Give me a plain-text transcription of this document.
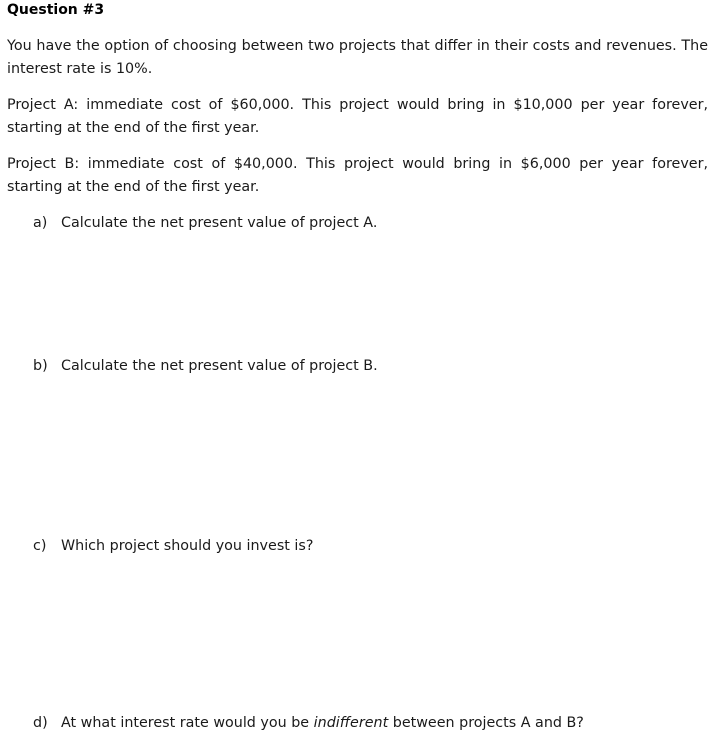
Question #3

You have the option of choosing between two projects that differ in their costs and revenues. The interest rate is 10%.

Project A: immediate cost of $60,000. This project would bring in $10,000 per year forever, starting at the end of the first year.

Project B: immediate cost of $40,000. This project would bring in $6,000 per year forever, starting at the end of the first year.

a) Calculate the net present value of project A.
b) Calculate the net present value of project B.
c) Which project should you invest is?
d) At what interest rate would you be indifferent between projects A and B?
